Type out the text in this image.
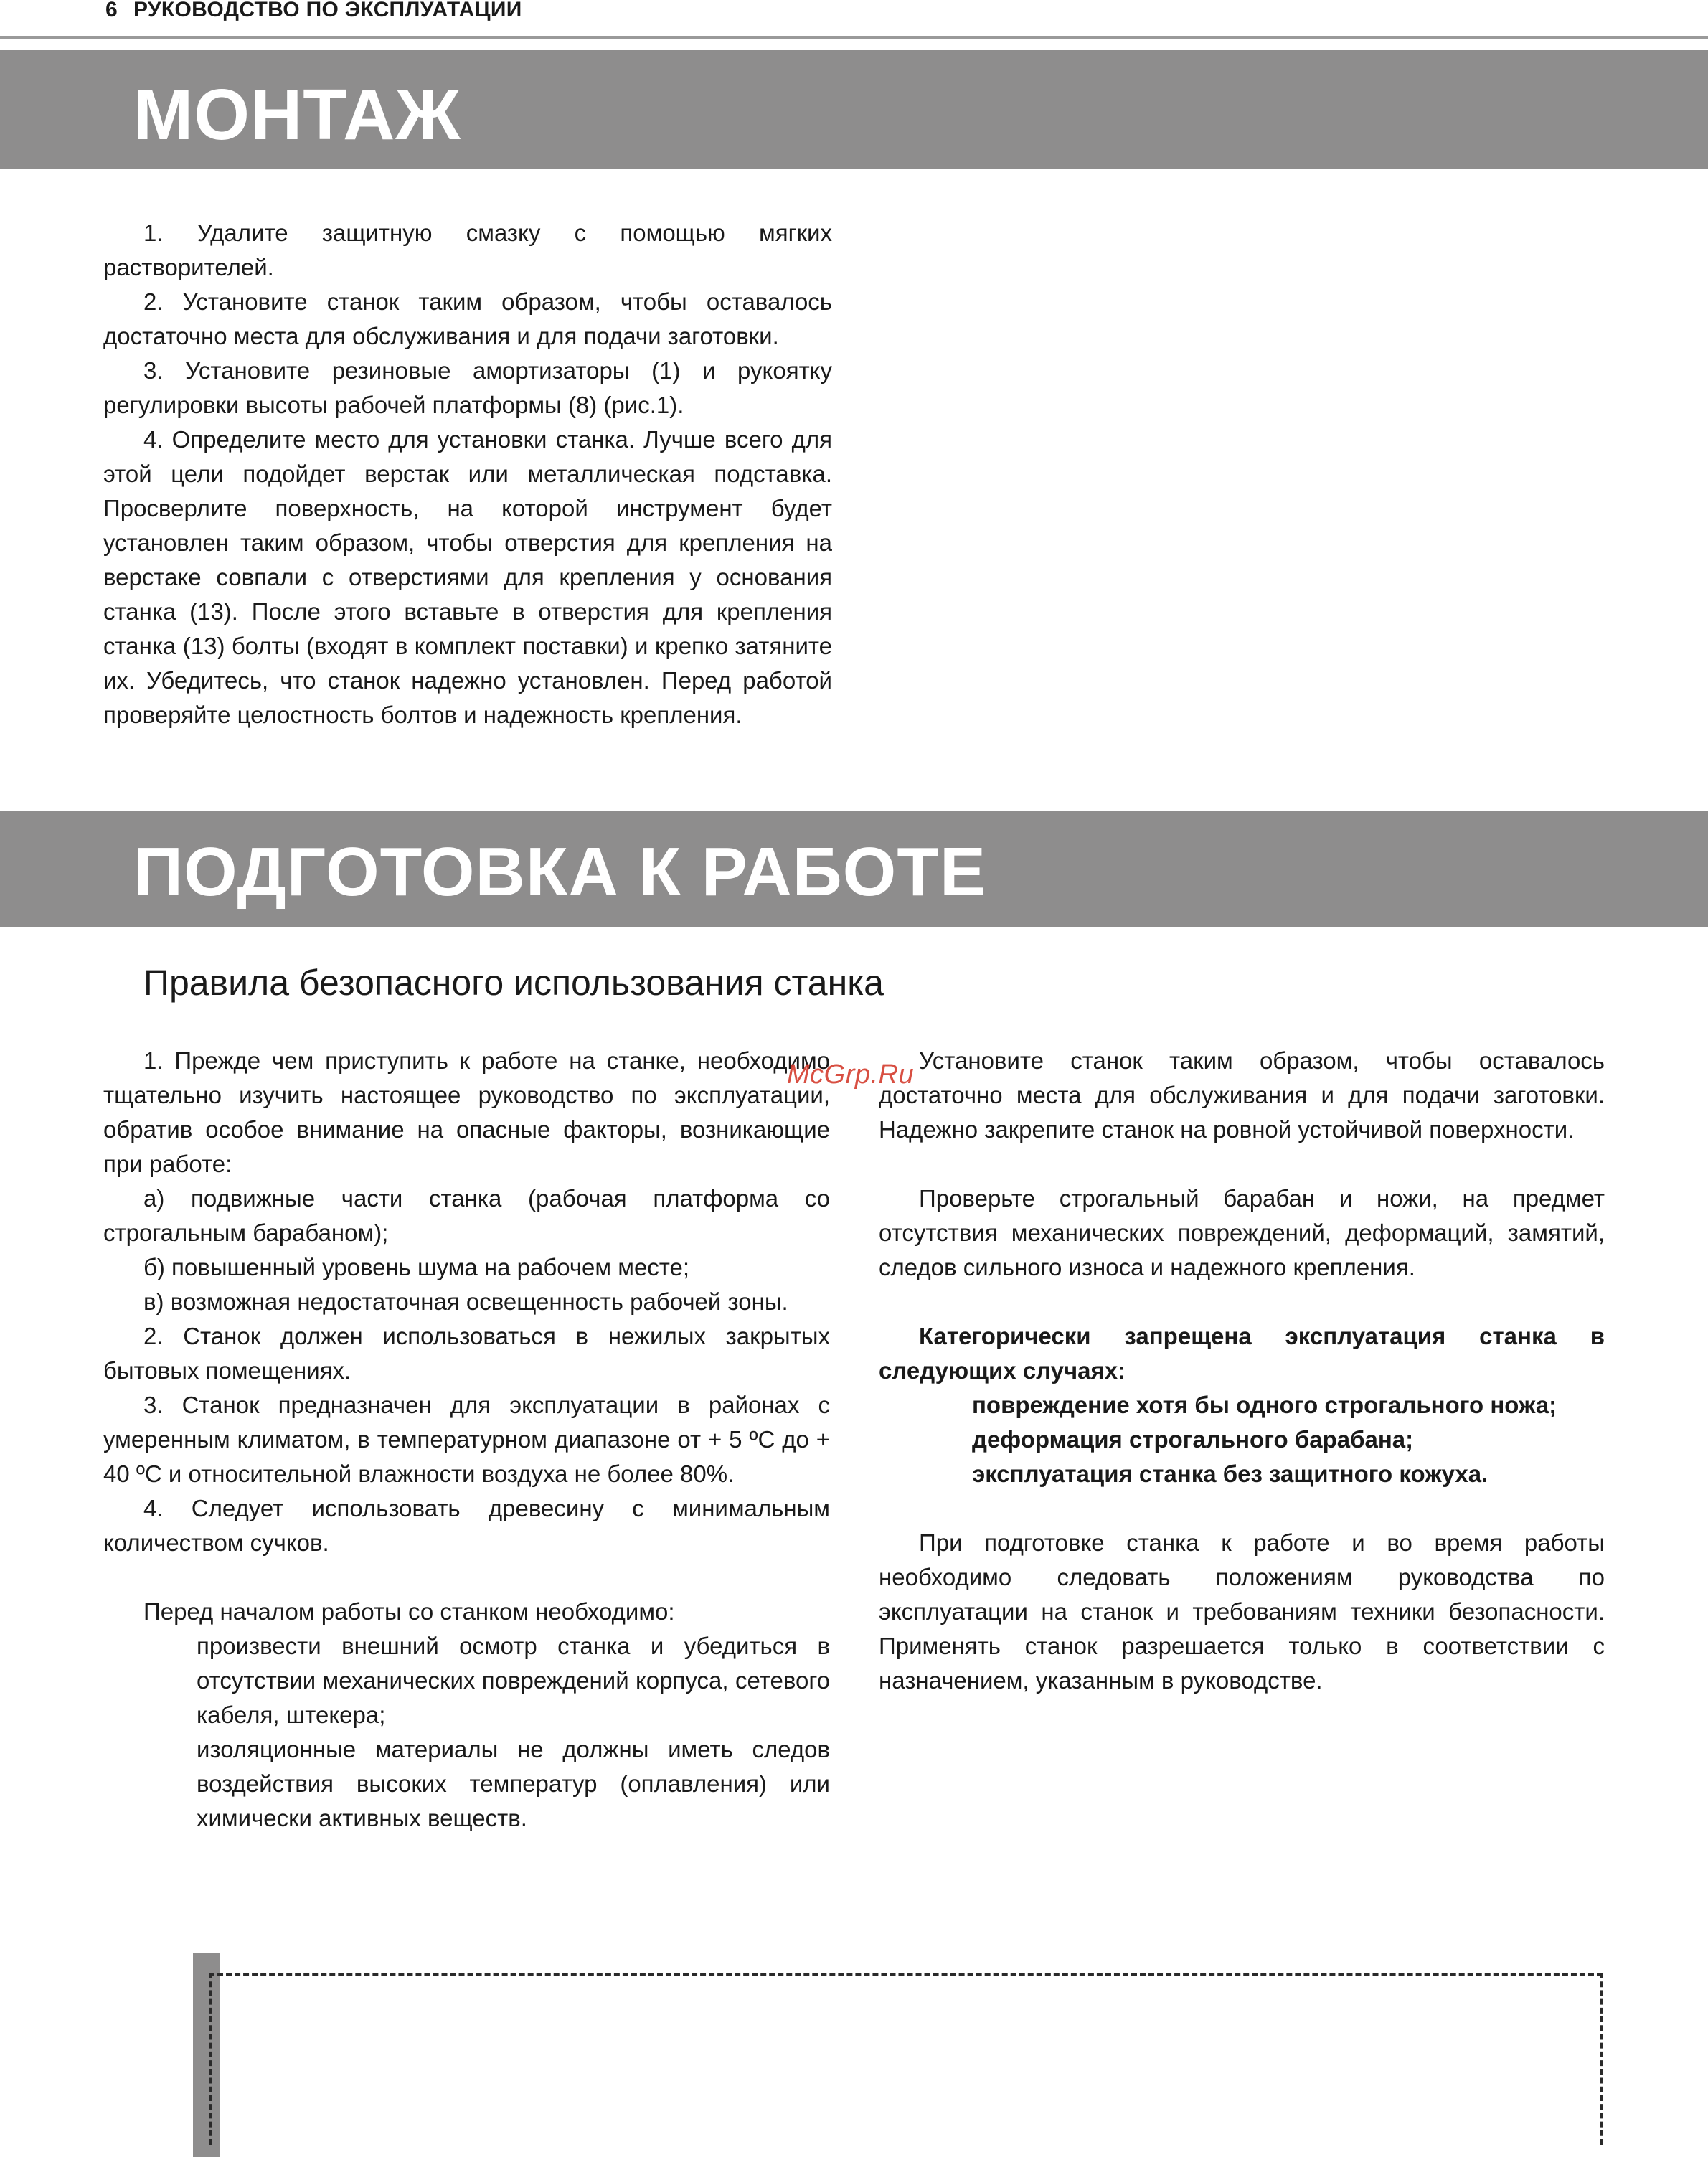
6 РУКОВОДСТВО ПО ЭКСПЛУАТАЦИИ
МОНТАЖ

1. Удалите защитную смазку с помощью мягких растворителей.

2. Установите станок таким образом, чтобы оставалось достаточно места для обслуживания и для подачи заготовки.

3. Установите резиновые амортизаторы (1) и рукоятку регулировки высоты рабочей платформы (8) (рис.1).

4. Определите место для установки станка. Лучше всего для этой цели подойдет верстак или металлическая подставка. Просверлите поверхность, на которой инструмент будет установлен таким образом, чтобы отверстия для крепления на верстаке совпали с отверстиями для крепления у основания станка (13). После этого вставьте в отверстия для крепления станка (13) болты (входят в комплект поставки) и крепко затяните их. Убедитесь, что станок надежно установлен. Перед работой проверяйте целостность болтов и надежность крепления.

ПОДГОТОВКА К РАБОТЕ
Правила безопасного использования станка

1. Прежде чем приступить к работе на станке, необходимо тщательно изучить настоящее руководство по эксплуатации, обратив особое внимание на опасные факторы, возникающие при работе:

а) подвижные части станка (рабочая платформа со строгальным барабаном);

б) повышенный уровень шума на рабочем месте;

в) возможная недостаточная освещенность рабочей зоны.

2. Станок должен использоваться в нежилых закрытых бытовых помещениях.

3. Станок предназначен для эксплуатации в районах с умеренным климатом, в температурном диапазоне от + 5 ºС до + 40 ºС и относительной влажности воздуха не более 80%.

4. Следует использовать древесину с минимальным количеством сучков.

Перед началом работы со станком необходимо:

произвести внешний осмотр станка и убедиться в отсутствии механических повреждений корпуса, сетевого кабеля, штекера;

изоляционные материалы не должны иметь следов воздействия высоких температур (оплавления) или химически активных веществ.

Установите станок таким образом, чтобы оставалось достаточно места для обслуживания и для подачи заготовки. Надежно закрепите станок на ровной устойчивой поверхности.

Проверьте строгальный барабан и ножи, на предмет отсутствия механических повреждений, деформаций, замятий, следов сильного износа и надежного крепления.

Категорически запрещена эксплуатация станка в следующих случаях:

повреждение хотя бы одного строгального ножа;

деформация строгального барабана;

эксплуатация станка без защитного кожуха.

При подготовке станка к работе и во время работы необходимо следовать положениям руководства по эксплуатации на станок и требованиям техники безопасности. Применять станок разрешается только в соответствии с назначением, указанным в руководстве.

McGrp.Ru
